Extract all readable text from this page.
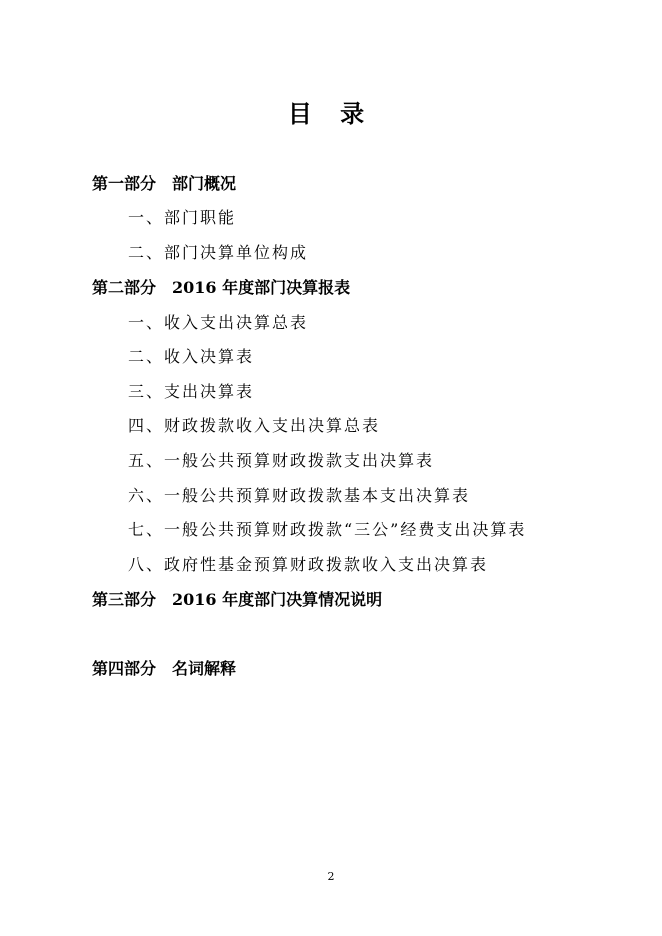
目 录
第一部分　部门概况
一、部门职能
二、部门决算单位构成
第二部分　2016 年度部门决算报表
一、收入支出决算总表
二、收入决算表
三、支出决算表
四、财政拨款收入支出决算总表
五、一般公共预算财政拨款支出决算表
六、一般公共预算财政拨款基本支出决算表
七、一般公共预算财政拨款“三公”经费支出决算表
八、政府性基金预算财政拨款收入支出决算表
第三部分　2016 年度部门决算情况说明
第四部分　名词解释
2
